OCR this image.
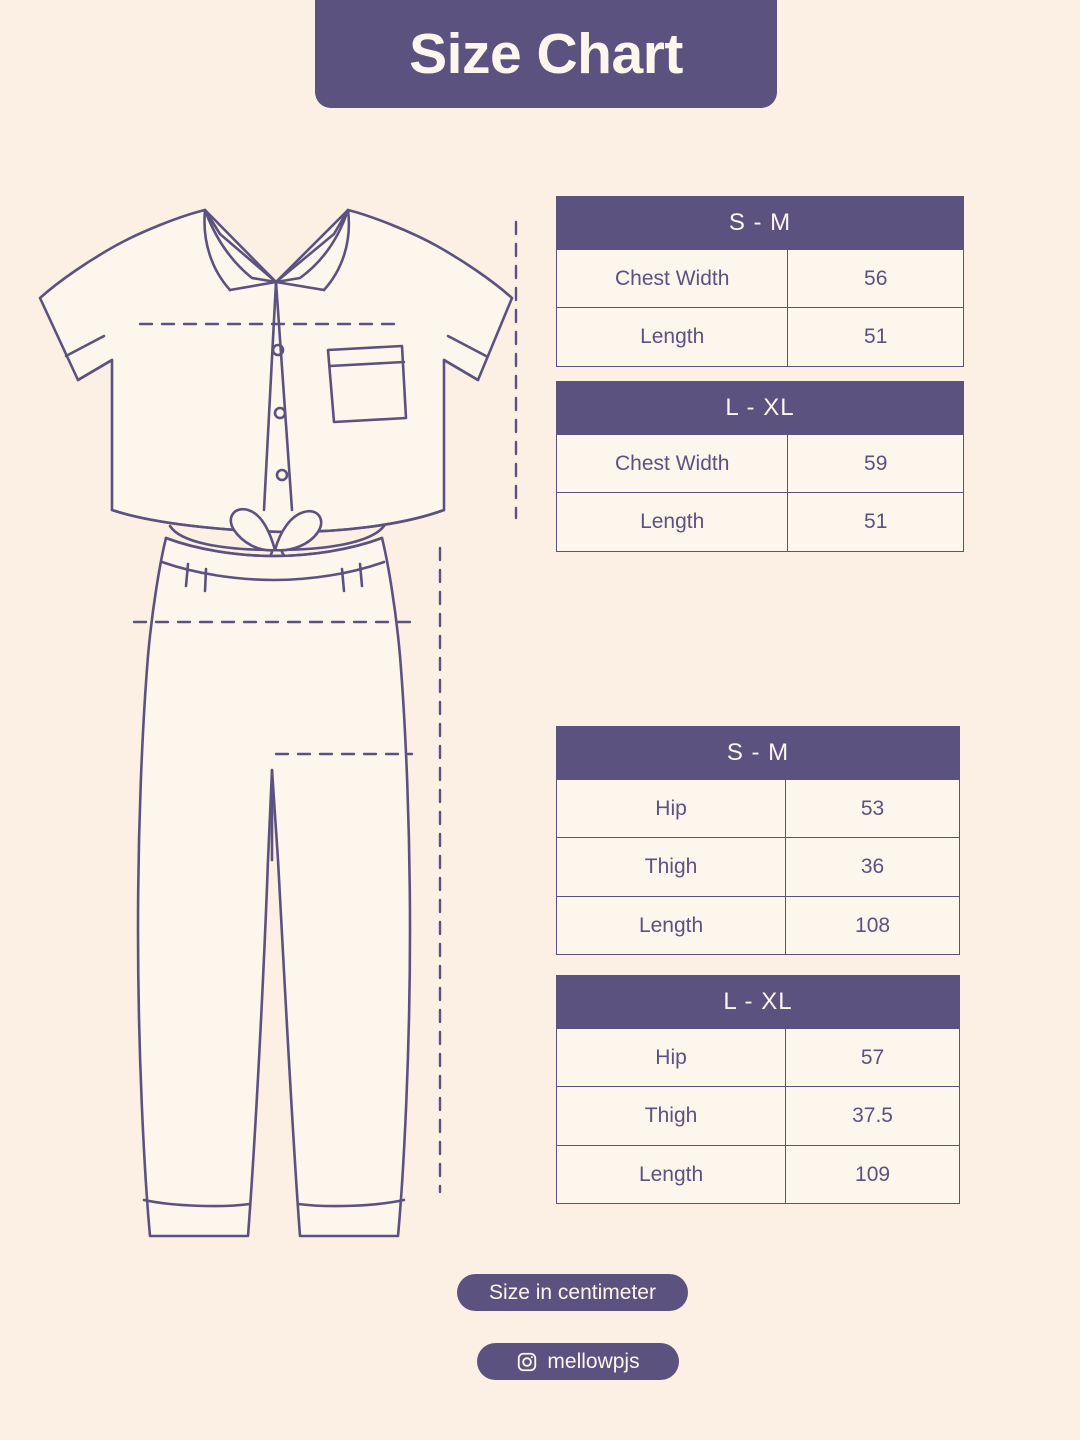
Size Chart
S - M
Chest Width	56
Length	51
L - XL
Chest Width	59
Length	51
S - M
Hip	53
Thigh	36
Length	108
L - XL
Hip	57
Thigh	37.5
Length	109
Size in centimeter
mellowpjs
